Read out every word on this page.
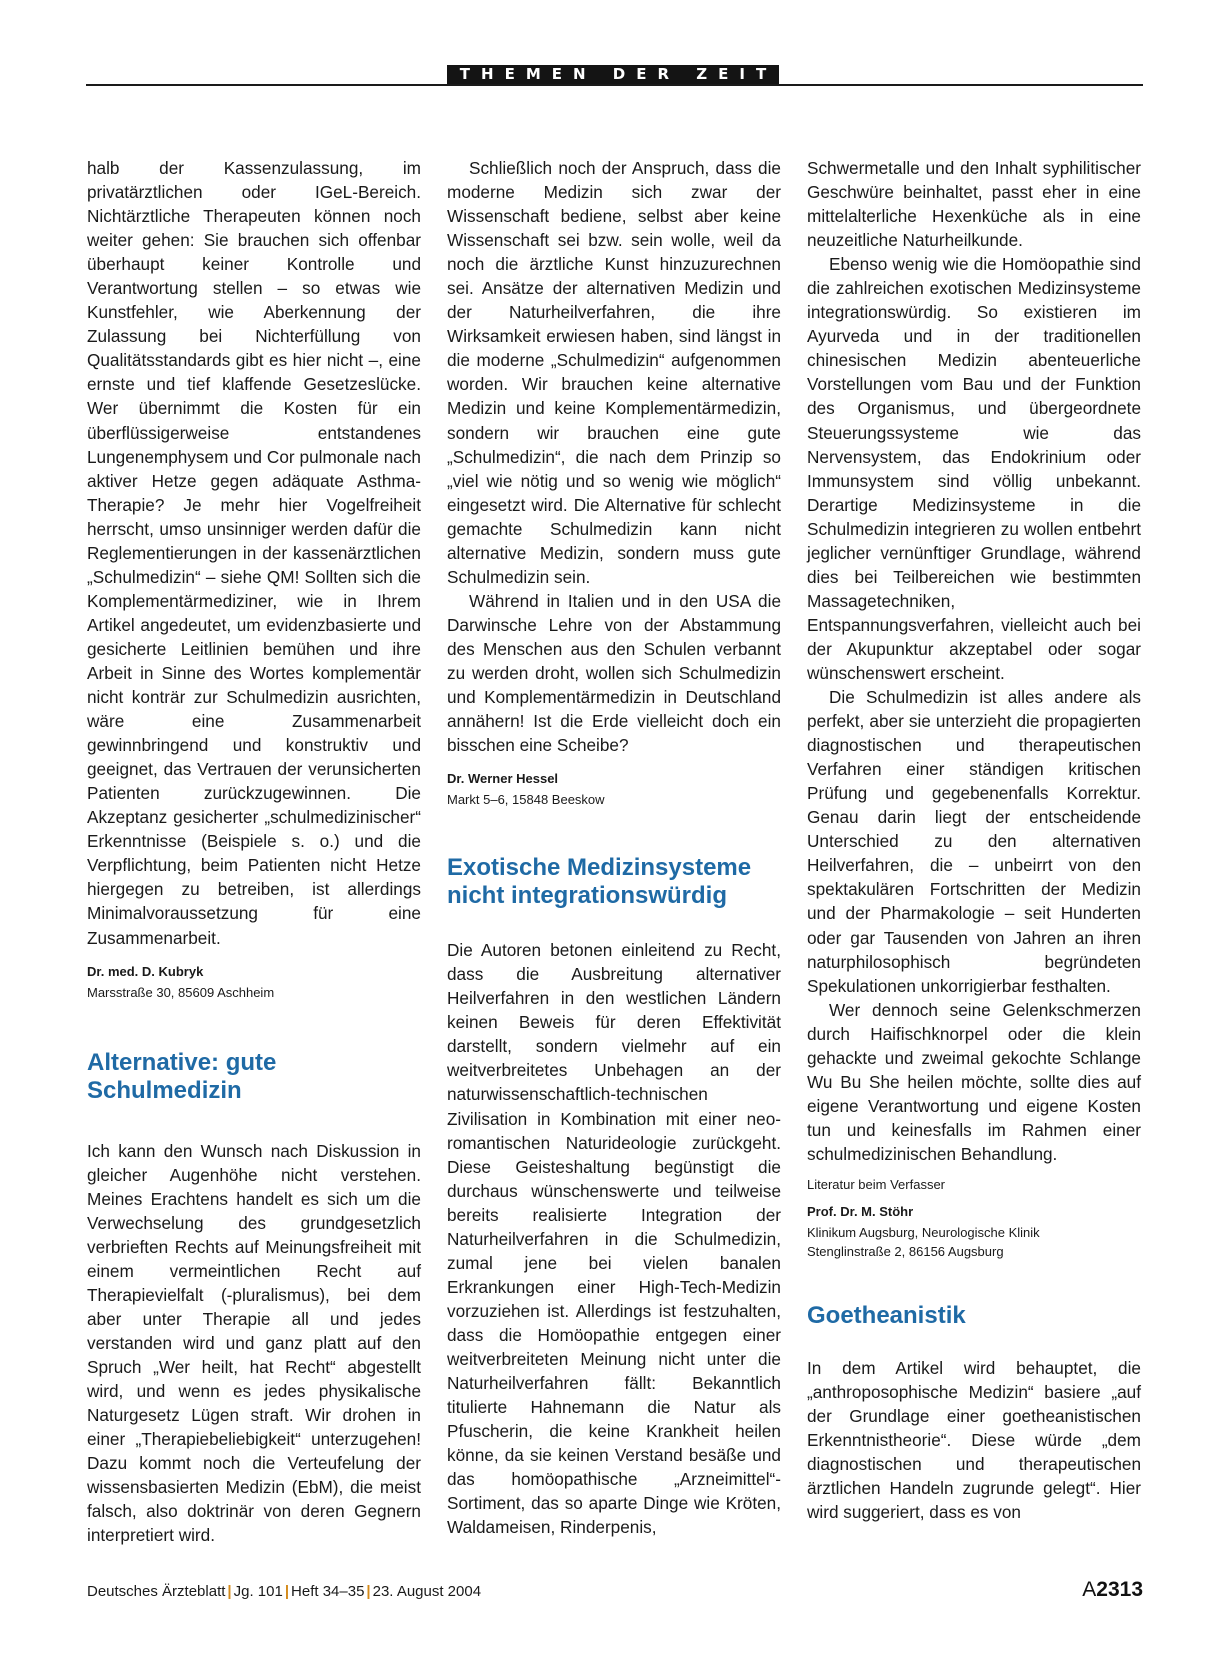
THEMEN DER ZEIT

halb der Kassenzulassung, im privatärztlichen oder IGeL-Bereich. Nichtärztliche Therapeuten können noch weiter gehen: Sie brauchen sich offenbar überhaupt keiner Kontrolle und Verantwortung stellen – so etwas wie Kunstfehler, wie Aberkennung der Zulassung bei Nichterfüllung von Qualitätsstandards gibt es hier nicht –, eine ernste und tief klaffende Gesetzeslücke. Wer übernimmt die Kosten für ein überflüssigerweise entstandenes Lungenemphysem und Cor pulmonale nach aktiver Hetze gegen adäquate Asthma-Therapie? Je mehr hier Vogelfreiheit herrscht, umso unsinniger werden dafür die Reglementierungen in der kassenärztlichen „Schulmedizin“ – siehe QM! Sollten sich die Komplementärmediziner, wie in Ihrem Artikel angedeutet, um evidenzbasierte und gesicherte Leitlinien bemühen und ihre Arbeit in Sinne des Wortes komplementär nicht konträr zur Schulmedizin ausrichten, wäre eine Zusammenarbeit gewinnbringend und konstruktiv und geeignet, das Vertrauen der verunsicherten Patienten zurückzugewinnen. Die Akzeptanz gesicherter „schulmedizinischer“ Erkenntnisse (Beispiele s. o.) und die Verpflichtung, beim Patienten nicht Hetze hiergegen zu betreiben, ist allerdings Minimalvoraussetzung für eine Zusammenarbeit.

Dr. med. D. Kubryk

Marsstraße 30, 85609 Aschheim

Alternative: gute Schulmedizin

Ich kann den Wunsch nach Diskussion in gleicher Augenhöhe nicht verstehen. Meines Erachtens handelt es sich um die Verwechselung des grundgesetzlich verbrieften Rechts auf Meinungsfreiheit mit einem vermeintlichen Recht auf Therapievielfalt (-pluralismus), bei dem aber unter Therapie all und jedes verstanden wird und ganz platt auf den Spruch „Wer heilt, hat Recht“ abgestellt wird, und wenn es jedes physikalische Naturgesetz Lügen straft. Wir drohen in einer „Therapiebeliebigkeit“ unterzugehen! Dazu kommt noch die Verteufelung der wissensbasierten Medizin (EbM), die meist falsch, also doktrinär von deren Gegnern interpretiert wird.

Schließlich noch der Anspruch, dass die moderne Medizin sich zwar der Wissenschaft bediene, selbst aber keine Wissenschaft sei bzw. sein wolle, weil da noch die ärztliche Kunst hinzuzurechnen sei. Ansätze der alternativen Medizin und der Naturheilverfahren, die ihre Wirksamkeit erwiesen haben, sind längst in die moderne „Schulmedizin“ aufgenommen worden. Wir brauchen keine alternative Medizin und keine Komplementärmedizin, sondern wir brauchen eine gute „Schulmedizin“, die nach dem Prinzip so „viel wie nötig und so wenig wie möglich“ eingesetzt wird. Die Alternative für schlecht gemachte Schulmedizin kann nicht alternative Medizin, sondern muss gute Schulmedizin sein.

Während in Italien und in den USA die Darwinsche Lehre von der Abstammung des Menschen aus den Schulen verbannt zu werden droht, wollen sich Schulmedizin und Komplementärmedizin in Deutschland annähern! Ist die Erde vielleicht doch ein bisschen eine Scheibe?

Dr. Werner Hessel

Markt 5–6, 15848 Beeskow

Exotische Medizinsysteme nicht integrationswürdig

Die Autoren betonen einleitend zu Recht, dass die Ausbreitung alternativer Heilverfahren in den westlichen Ländern keinen Beweis für deren Effektivität darstellt, sondern vielmehr auf ein weitverbreitetes Unbehagen an der naturwissenschaftlich-technischen Zivilisation in Kombination mit einer neo-romantischen Naturideologie zurückgeht. Diese Geisteshaltung begünstigt die durchaus wünschenswerte und teilweise bereits realisierte Integration der Naturheilverfahren in die Schulmedizin, zumal jene bei vielen banalen Erkrankungen einer High-Tech-Medizin vorzuziehen ist. Allerdings ist festzuhalten, dass die Homöopathie entgegen einer weitverbreiteten Meinung nicht unter die Naturheilverfahren fällt: Bekanntlich titulierte Hahnemann die Natur als Pfuscherin, die keine Krankheit heilen könne, da sie keinen Verstand besäße und das homöopathische „Arzneimittel“-Sortiment, das so aparte Dinge wie Kröten, Waldameisen, Rinderpenis,

Schwermetalle und den Inhalt syphilitischer Geschwüre beinhaltet, passt eher in eine mittelalterliche Hexenküche als in eine neuzeitliche Naturheilkunde.

Ebenso wenig wie die Homöopathie sind die zahlreichen exotischen Medizinsysteme integrationswürdig. So existieren im Ayurveda und in der traditionellen chinesischen Medizin abenteuerliche Vorstellungen vom Bau und der Funktion des Organismus, und übergeordnete Steuerungssysteme wie das Nervensystem, das Endokrinium oder Immunsystem sind völlig unbekannt. Derartige Medizinsysteme in die Schulmedizin integrieren zu wollen entbehrt jeglicher vernünftiger Grundlage, während dies bei Teilbereichen wie bestimmten Massagetechniken, Entspannungsverfahren, vielleicht auch bei der Akupunktur akzeptabel oder sogar wünschenswert erscheint.

Die Schulmedizin ist alles andere als perfekt, aber sie unterzieht die propagierten diagnostischen und therapeutischen Verfahren einer ständigen kritischen Prüfung und gegebenenfalls Korrektur. Genau darin liegt der entscheidende Unterschied zu den alternativen Heilverfahren, die – unbeirrt von den spektakulären Fortschritten der Medizin und der Pharmakologie – seit Hunderten oder gar Tausenden von Jahren an ihren naturphilosophisch begründeten Spekulationen unkorrigierbar festhalten.

Wer dennoch seine Gelenkschmerzen durch Haifischknorpel oder die klein gehackte und zweimal gekochte Schlange Wu Bu She heilen möchte, sollte dies auf eigene Verantwortung und eigene Kosten tun und keinesfalls im Rahmen einer schulmedizinischen Behandlung.

Literatur beim Verfasser

Prof. Dr. M. Stöhr

Klinikum Augsburg, Neurologische Klinik

Stenglinstraße 2, 86156 Augsburg

Goetheanistik

In dem Artikel wird behauptet, die „anthroposophische Medizin“ basiere „auf der Grundlage einer goetheanistischen Erkenntnistheorie“. Diese würde „dem diagnostischen und therapeutischen ärztlichen Handeln zugrunde gelegt“. Hier wird suggeriert, dass es von

Deutsches Ärzteblatt | Jg. 101 | Heft 34–35 | 23. August 2004	A2313
